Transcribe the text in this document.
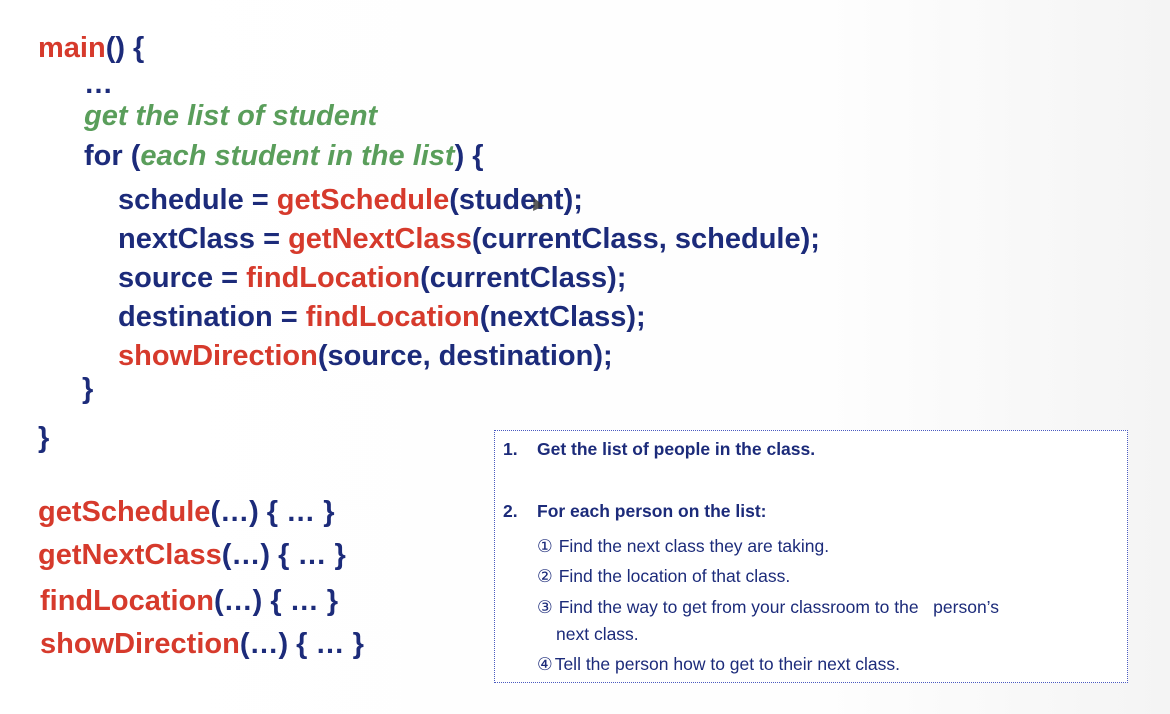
main() {
…
get the list of student
for (each student in the list) {
schedule = getSchedule(student);
nextClass = getNextClass(currentClass, schedule);
source = findLocation(currentClass);
destination = findLocation(nextClass);
showDirection(source, destination);
}
}
getSchedule(…) { … }
getNextClass(…) { … }
findLocation(…) { … }
showDirection(…) { … }
1. Get the list of people in the class.
2. For each person on the list:
① Find the next class they are taking.
② Find the location of that class.
③ Find the way to get from your classroom to the   person’s
next class.
④ Tell the person how to get to their next class.
